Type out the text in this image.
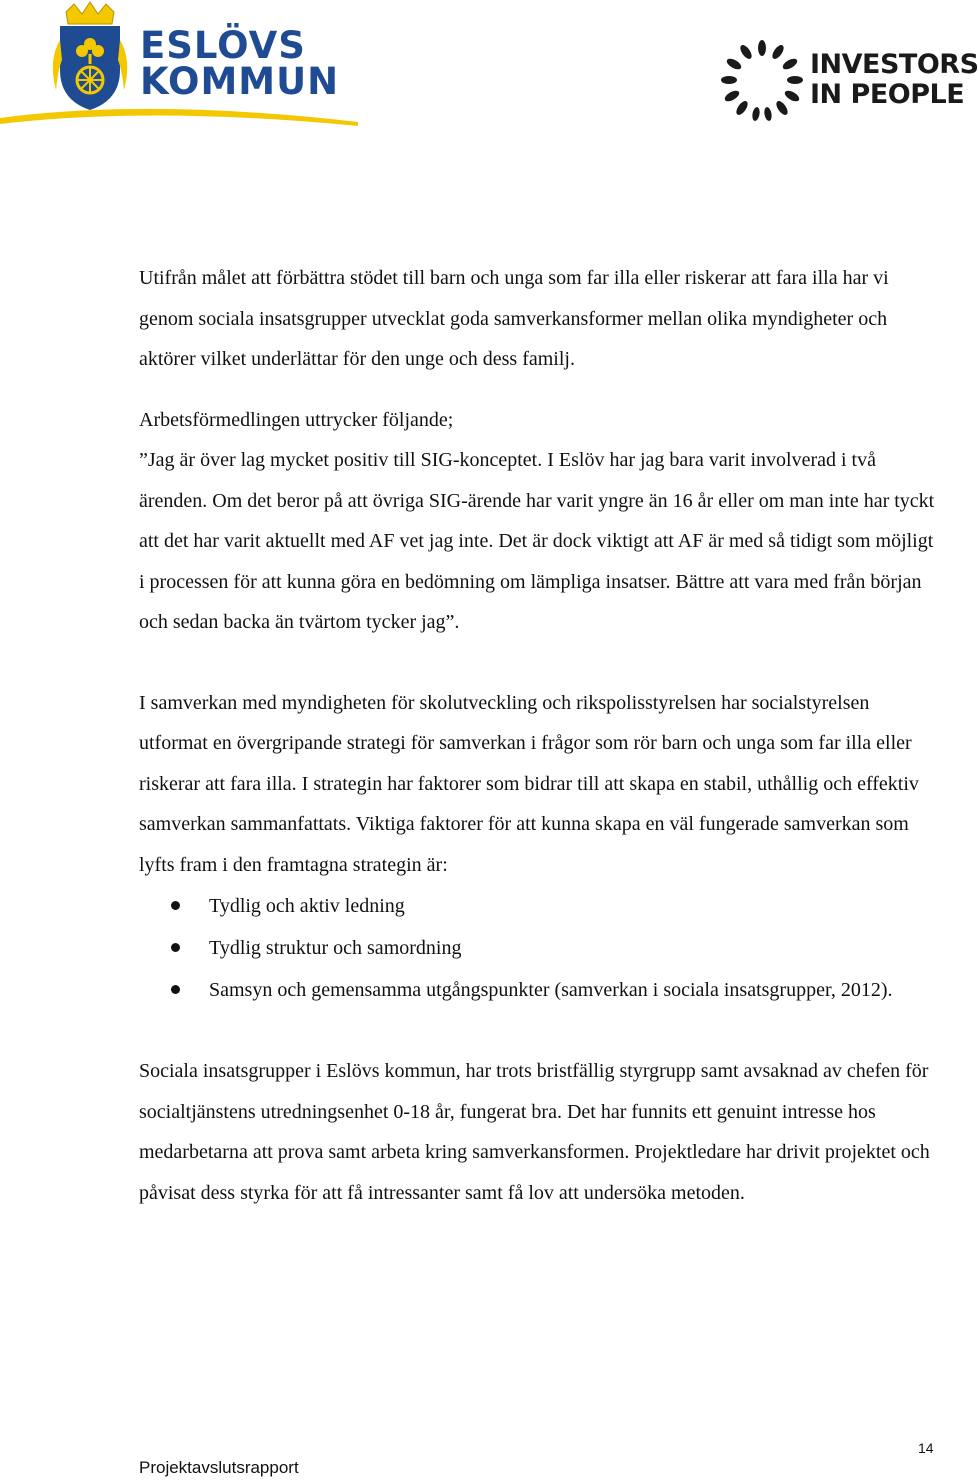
ESLÖVS
KOMMUN	INVESTORS
IN PEOPLE

Utifrån målet att förbättra stödet till barn och unga som far illa eller riskerar att fara illa har vi genom sociala insatsgrupper utvecklat goda samverkansformer mellan olika myndigheter och aktörer vilket underlättar för den unge och dess familj.

Arbetsförmedlingen uttrycker följande;

”Jag är över lag mycket positiv till SIG-konceptet. I Eslöv har jag bara varit involverad i två ärenden. Om det beror på att övriga SIG-ärende har varit yngre än 16 år eller om man inte har tyckt att det har varit aktuellt med AF vet jag inte. Det är dock viktigt att AF är med så tidigt som möjligt i processen för att kunna göra en bedömning om lämpliga insatser. Bättre att vara med från början och sedan backa än tvärtom tycker jag”.

I samverkan med myndigheten för skolutveckling och rikspolisstyrelsen har socialstyrelsen utformat en övergripande strategi för samverkan i frågor som rör barn och unga som far illa eller riskerar att fara illa. I strategin har faktorer som bidrar till att skapa en stabil, uthållig och effektiv samverkan sammanfattats. Viktiga faktorer för att kunna skapa en väl fungerade samverkan som lyfts fram i den framtagna strategin är:

Tydlig och aktiv ledning
Tydlig struktur och samordning
Samsyn och gemensamma utgångspunkter (samverkan i sociala insatsgrupper, 2012).

Sociala insatsgrupper i Eslövs kommun, har trots bristfällig styrgrupp samt avsaknad av chefen för socialtjänstens utredningsenhet 0-18 år, fungerat bra. Det har funnits ett genuint intresse hos medarbetarna att prova samt arbeta kring samverkansformen. Projektledare har drivit projektet och påvisat dess styrka för att få intressanter samt få lov att undersöka metoden.

14
Projektavslutsrapport
